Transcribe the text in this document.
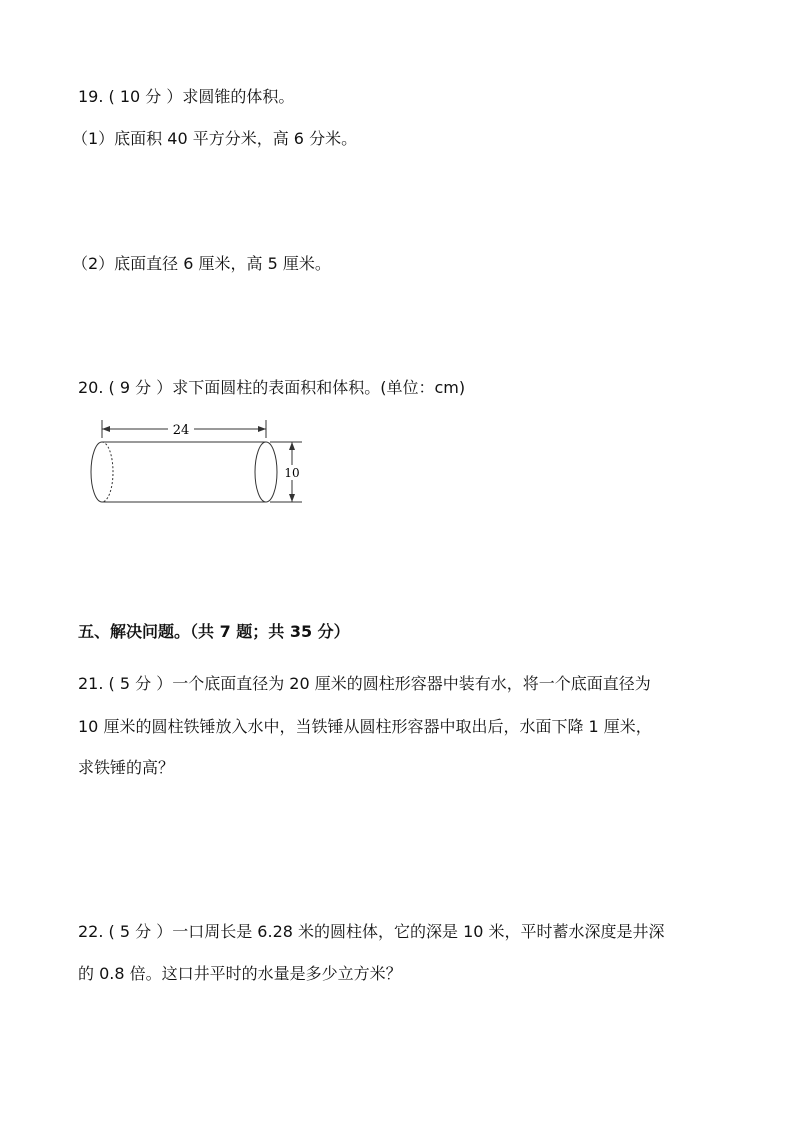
19. ( 10 分 ）求圆锥的体积。
（1）底面积 40 平方分米，高 6 分米。
（2）底面直径 6 厘米，高 5 厘米。
20. ( 9 分 ）求下面圆柱的表面积和体积。(单位：cm)
24
10
五、解决问题。（共 7 题；共 35 分）
21. ( 5 分 ）一个底面直径为 20 厘米的圆柱形容器中装有水，将一个底面直径为
10 厘米的圆柱铁锤放入水中，当铁锤从圆柱形容器中取出后，水面下降 1 厘米，
求铁锤的高？
22. ( 5 分 ）一口周长是 6.28 米的圆柱体，它的深是 10 米，平时蓄水深度是井深
的 0.8 倍。这口井平时的水量是多少立方米？
